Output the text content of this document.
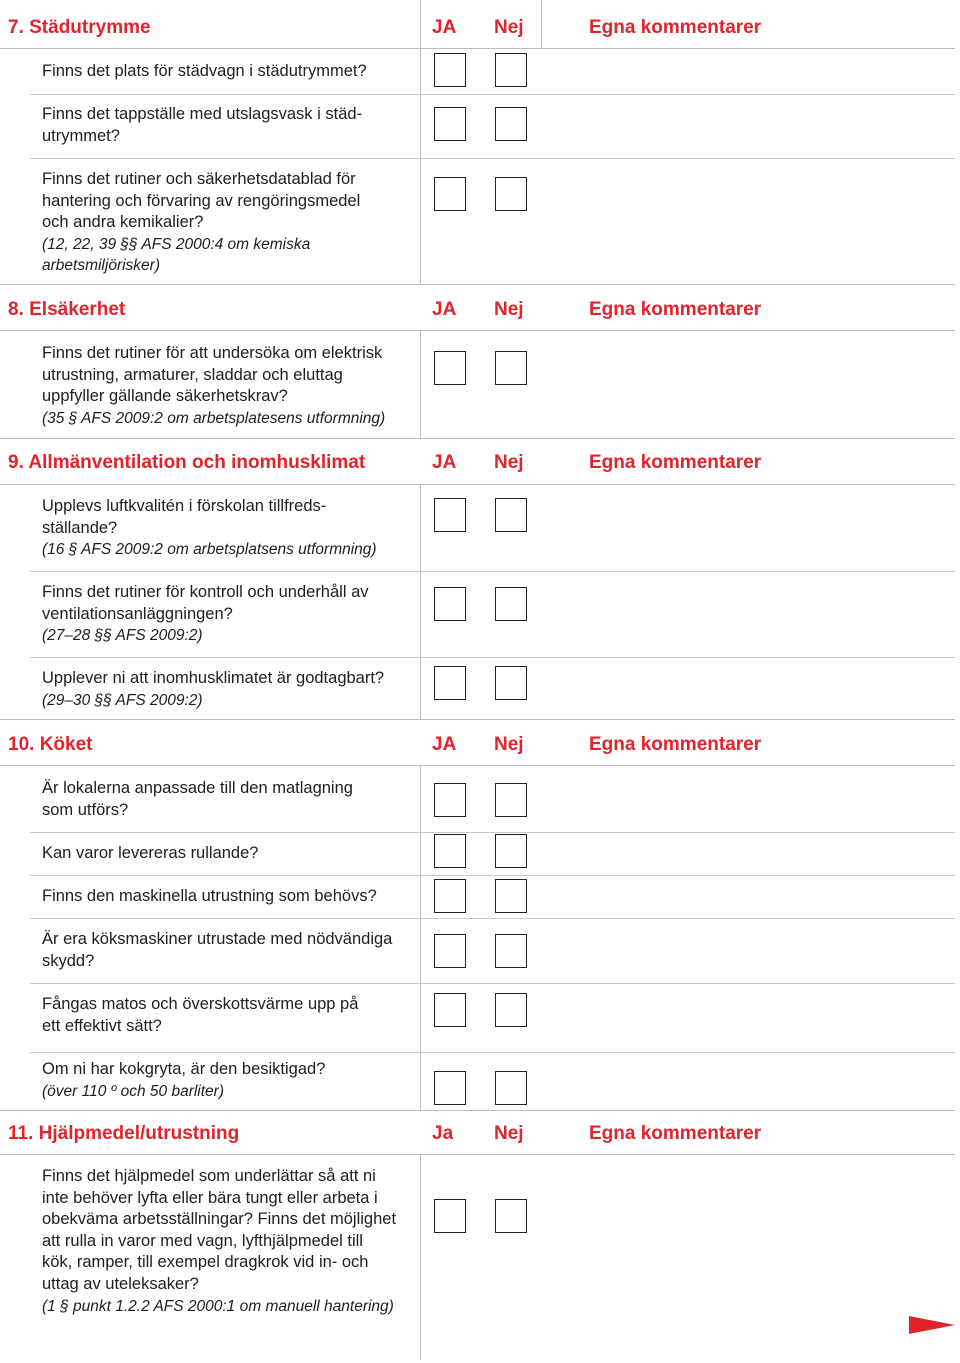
7. Städutrymme	JA Nej	Egna kommentarer
Finns det plats för städvagn i städutrymmet?
Finns det tappställe med utslagsvask i städ-
utrymmet?
Finns det rutiner och säkerhetsdatablad för
hantering och förvaring av rengöringsmedel
och andra kemikalier?
(12, 22, 39 §§ AFS 2000:4 om kemiska arbetsmiljörisker)
8. Elsäkerhet	JA Nej	Egna kommentarer
Finns det rutiner för att undersöka om elektrisk
utrustning, armaturer, sladdar och eluttag
uppfyller gällande säkerhetskrav?
(35 § AFS 2009:2 om arbetsplatesens utformning)
9. Allmänventilation och inomhusklimat	JA Nej	Egna kommentarer
Upplevs luftkvalitén i förskolan tillfreds-
ställande?
(16 § AFS 2009:2 om arbetsplatsens utformning)
Finns det rutiner för kontroll och underhåll av
ventilationsanläggningen?
(27–28 §§ AFS 2009:2)
Upplever ni att inomhusklimatet är godtagbart?
(29–30 §§ AFS 2009:2)
10. Köket	JA Nej	Egna kommentarer
Är lokalerna anpassade till den matlagning
som utförs?
Kan varor levereras rullande?
Finns den maskinella utrustning som behövs?
Är era köksmaskiner utrustade med nödvändiga
skydd?
Fångas matos och överskottsvärme upp på
ett effektivt sätt?
Om ni har kokgryta, är den besiktigad?
(över 110 º och 50 barliter)
11. Hjälpmedel/utrustning	Ja Nej	Egna kommentarer
Finns det hjälpmedel som underlättar så att ni
inte behöver lyfta eller bära tungt eller arbeta i
obekväma arbetsställningar? Finns det möjlighet
att rulla in varor med vagn, lyfthjälpmedel till
kök, ramper, till exempel dragkrok vid in- och
uttag av uteleksaker?
(1 § punkt 1.2.2 AFS 2000:1 om manuell hantering)
